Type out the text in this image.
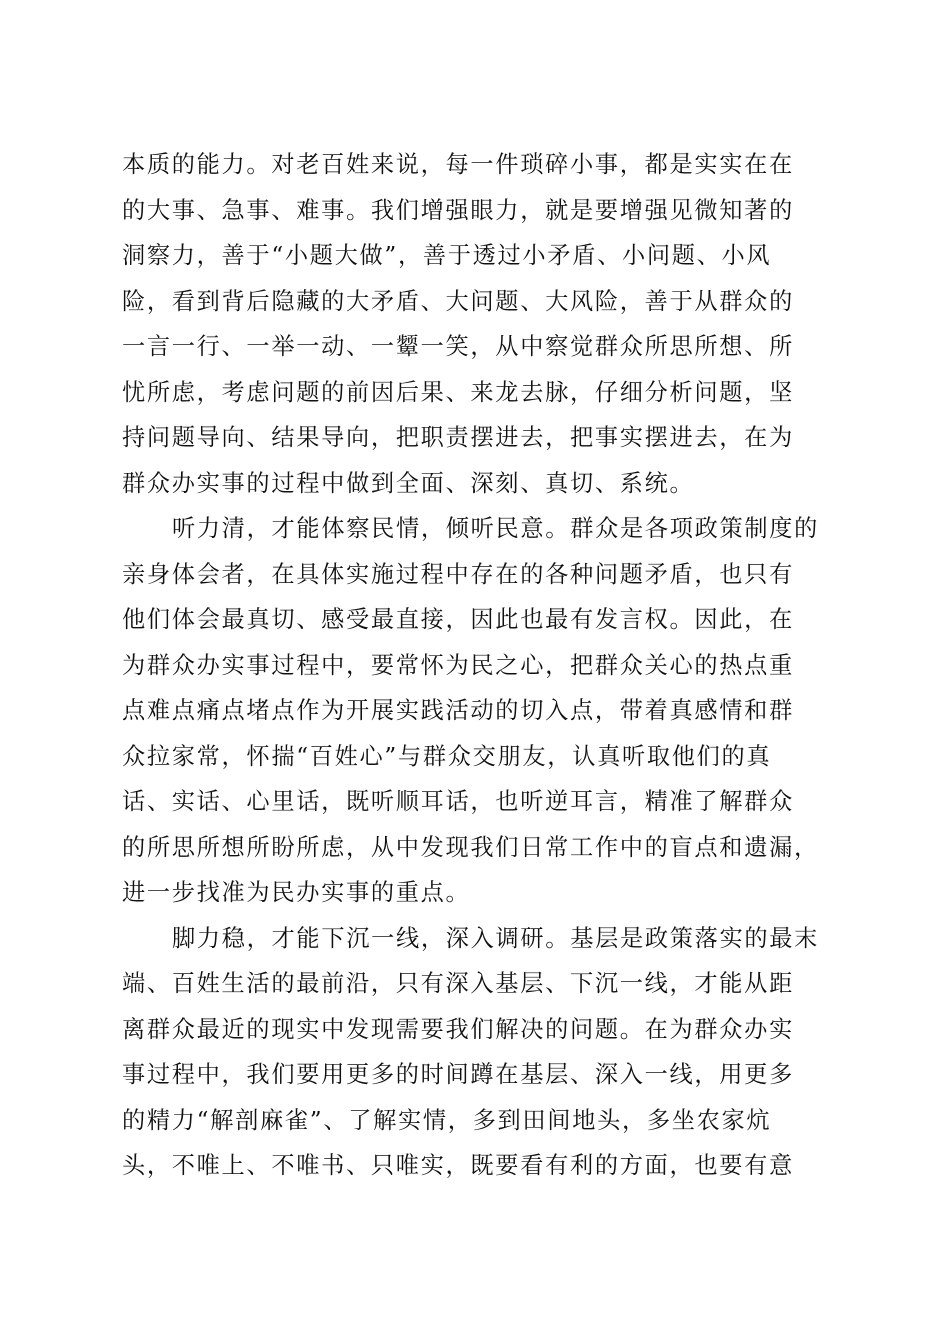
本质的能力。对老百姓来说，每一件琐碎小事，都是实实在在
的大事、急事、难事。我们增强眼力，就是要增强见微知著的
洞察力，善于“小题大做”，善于透过小矛盾、小问题、小风
险，看到背后隐藏的大矛盾、大问题、大风险，善于从群众的
一言一行、一举一动、一颦一笑，从中察觉群众所思所想、所
忧所虑，考虑问题的前因后果、来龙去脉，仔细分析问题，坚
持问题导向、结果导向，把职责摆进去，把事实摆进去，在为
群众办实事的过程中做到全面、深刻、真切、系统。
听力清，才能体察民情，倾听民意。群众是各项政策制度的
亲身体会者，在具体实施过程中存在的各种问题矛盾，也只有
他们体会最真切、感受最直接，因此也最有发言权。因此，在
为群众办实事过程中，要常怀为民之心，把群众关心的热点重
点难点痛点堵点作为开展实践活动的切入点，带着真感情和群
众拉家常，怀揣“百姓心”与群众交朋友，认真听取他们的真
话、实话、心里话，既听顺耳话，也听逆耳言，精准了解群众
的所思所想所盼所虑，从中发现我们日常工作中的盲点和遗漏，
进一步找准为民办实事的重点。
脚力稳，才能下沉一线，深入调研。基层是政策落实的最末
端、百姓生活的最前沿，只有深入基层、下沉一线，才能从距
离群众最近的现实中发现需要我们解决的问题。在为群众办实
事过程中，我们要用更多的时间蹲在基层、深入一线，用更多
的精力“解剖麻雀”、了解实情，多到田间地头，多坐农家炕
头，不唯上、不唯书、只唯实，既要看有利的方面，也要有意
